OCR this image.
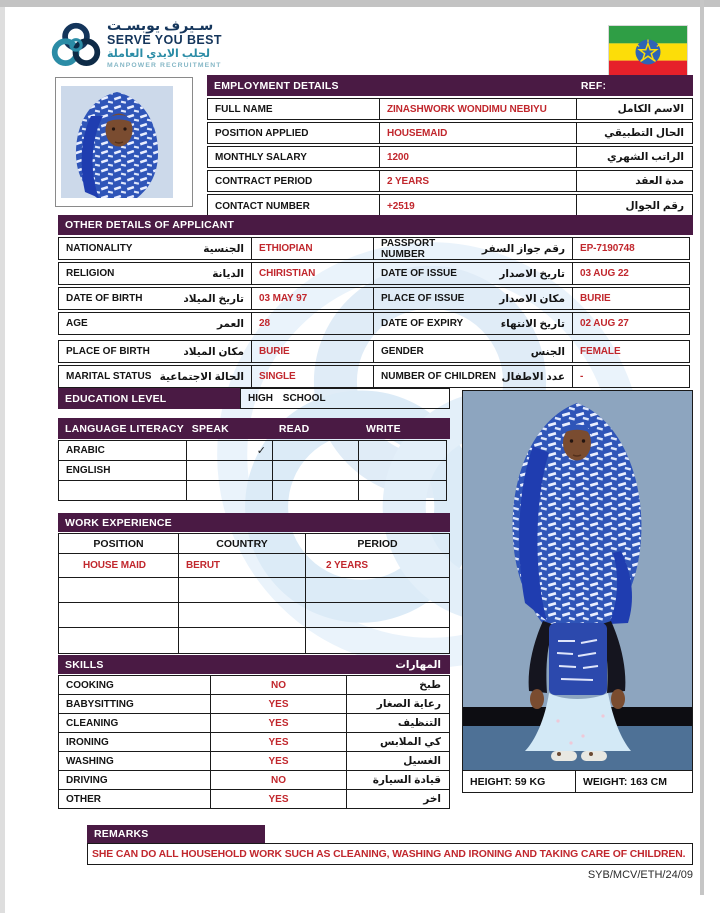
سـيرف يوبسـت
SERVE YOU BEST
لجلب الايدي العاملة
MANPOWER RECRUITMENT
EMPLOYMENT DETAILS	REF:
FULL NAME	ZINASHWORK WONDIMU NEBIYU	الاسم الكامل
POSITION APPLIED	HOUSEMAID	الحال التطبيقي
MONTHLY SALARY	1200	الراتب الشهري
CONTRACT PERIOD	2 YEARS	مدة العقد
CONTACT NUMBER	+2519	رقم الجوال
OTHER DETAILS OF APPLICANT
NATIONALITY	الجنسية	ETHIOPIAN	PASSPORT NUMBER	رقم جواز السفر	EP-7190748
RELIGION	الديانة	CHIRISTIAN	DATE OF ISSUE	تاريخ الاصدار	03 AUG 22
DATE OF BIRTH	تاريخ الميلاد	03 MAY 97	PLACE OF ISSUE	مكان الاصدار	BURIE
AGE	العمر	28	DATE OF EXPIRY	تاريخ الانتهاء	02 AUG 27
PLACE OF BIRTH	مكان الميلاد	BURIE	GENDER	الجنس	FEMALE
MARITAL STATUS الحالة الاجتماعية	SINGLE	NUMBER OF CHILDREN عدد الاطفال	-
EDUCATION LEVEL	HIGH SCHOOL
LANGUAGE LITERACY SPEAK	READ	WRITE
ARABIC	✓
ENGLISH
WORK EXPERIENCE
POSITION	COUNTRY	PERIOD
HOUSE MAID	BERUT	2 YEARS
SKILLS	المهارات
COOKING	NO	طبخ
BABYSITTING	YES	رعاية الصغار
CLEANING	YES	التنظيف
IRONING	YES	كي الملابس
WASHING	YES	الغسيل
DRIVING	NO	قيادة السيارة
OTHER	YES	اخر
HEIGHT: 59 KG	WEIGHT: 163 CM
REMARKS
SHE CAN DO ALL HOUSEHOLD WORK SUCH AS CLEANING, WASHING AND IRONING AND TAKING CARE OF CHILDREN.
SYB/MCV/ETH/24/09
